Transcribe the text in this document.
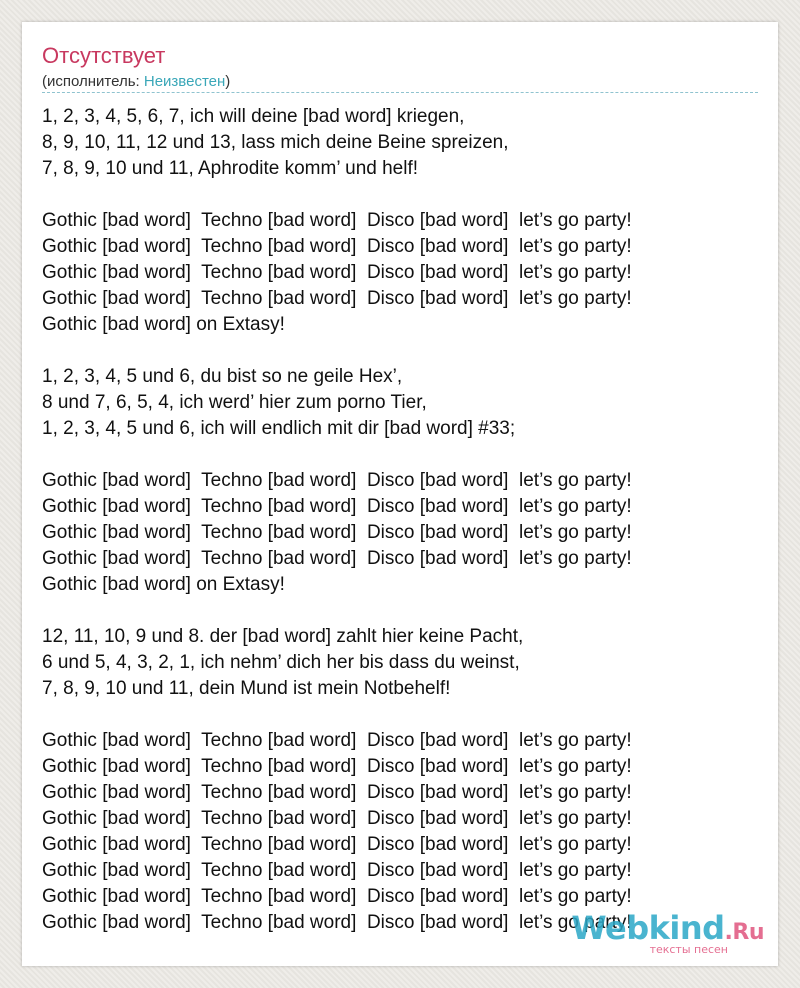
Отсутствует
(исполнитель: Неизвестен)
1, 2, 3, 4, 5, 6, 7, ich will deine [bad word] kriegen,
8, 9, 10, 11, 12 und 13, lass mich deine Beine spreizen,
7, 8, 9, 10 und 11, Aphrodite komm’ und helf!
Gothic [bad word]  Techno [bad word]  Disco [bad word]  let’s go party!
Gothic [bad word]  Techno [bad word]  Disco [bad word]  let’s go party!
Gothic [bad word]  Techno [bad word]  Disco [bad word]  let’s go party!
Gothic [bad word]  Techno [bad word]  Disco [bad word]  let’s go party!
Gothic [bad word] on Extasy!
1, 2, 3, 4, 5 und 6, du bist so ne geile Hex’,
8 und 7, 6, 5, 4, ich werd’ hier zum porno Tier,
1, 2, 3, 4, 5 und 6, ich will endlich mit dir [bad word] #33;
Gothic [bad word]  Techno [bad word]  Disco [bad word]  let’s go party!
Gothic [bad word]  Techno [bad word]  Disco [bad word]  let’s go party!
Gothic [bad word]  Techno [bad word]  Disco [bad word]  let’s go party!
Gothic [bad word]  Techno [bad word]  Disco [bad word]  let’s go party!
Gothic [bad word] on Extasy!
12, 11, 10, 9 und 8. der [bad word] zahlt hier keine Pacht,
6 und 5, 4, 3, 2, 1, ich nehm’ dich her bis dass du weinst,
7, 8, 9, 10 und 11, dein Mund ist mein Notbehelf!
Gothic [bad word]  Techno [bad word]  Disco [bad word]  let’s go party!
Gothic [bad word]  Techno [bad word]  Disco [bad word]  let’s go party!
Gothic [bad word]  Techno [bad word]  Disco [bad word]  let’s go party!
Gothic [bad word]  Techno [bad word]  Disco [bad word]  let’s go party!
Gothic [bad word]  Techno [bad word]  Disco [bad word]  let’s go party!
Gothic [bad word]  Techno [bad word]  Disco [bad word]  let’s go party!
Gothic [bad word]  Techno [bad word]  Disco [bad word]  let’s go party!
Gothic [bad word]  Techno [bad word]  Disco [bad word]  let’s go party!
Webkind.Ru
тексты песен
